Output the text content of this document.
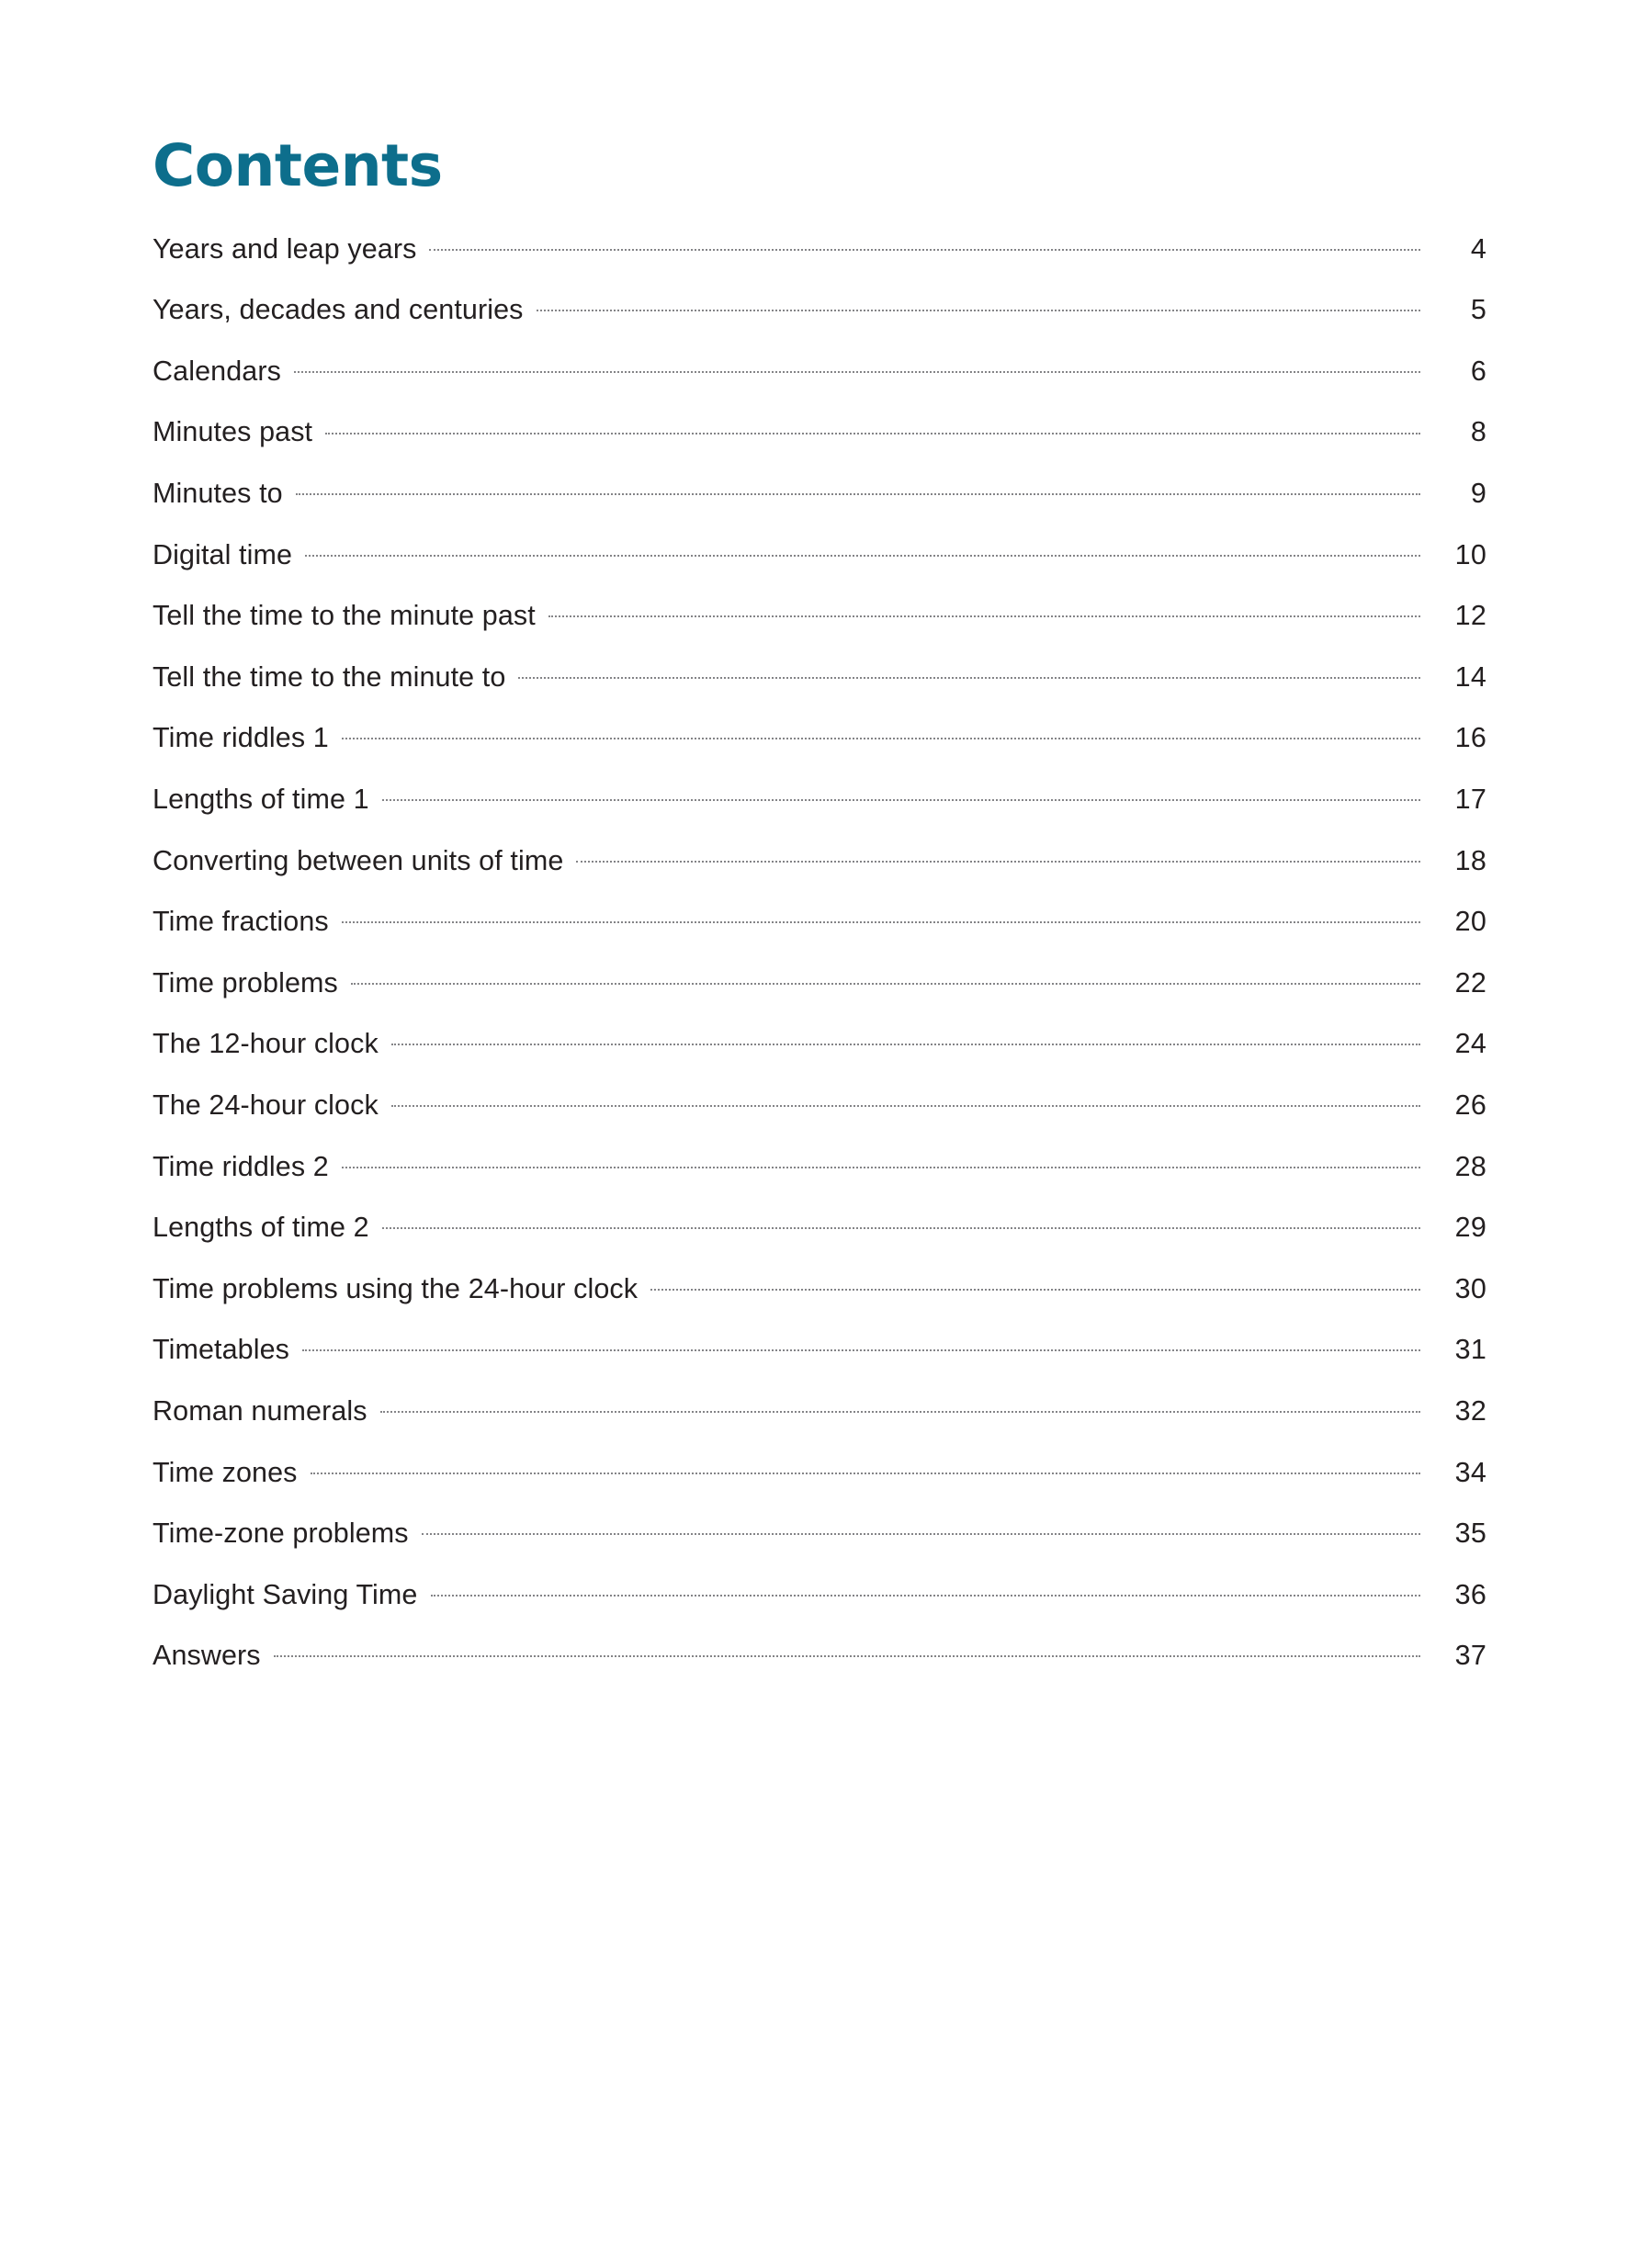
Contents
Years and leap years	4
Years, decades and centuries	5
Calendars	6
Minutes past	8
Minutes to	9
Digital time	10
Tell the time to the minute past	12
Tell the time to the minute to	14
Time riddles 1	16
Lengths of time 1	17
Converting between units of time	18
Time fractions	20
Time problems	22
The 12-hour clock	24
The 24-hour clock	26
Time riddles 2	28
Lengths of time 2	29
Time problems using the 24-hour clock	30
Timetables	31
Roman numerals	32
Time zones	34
Time-zone problems	35
Daylight Saving Time	36
Answers	37
